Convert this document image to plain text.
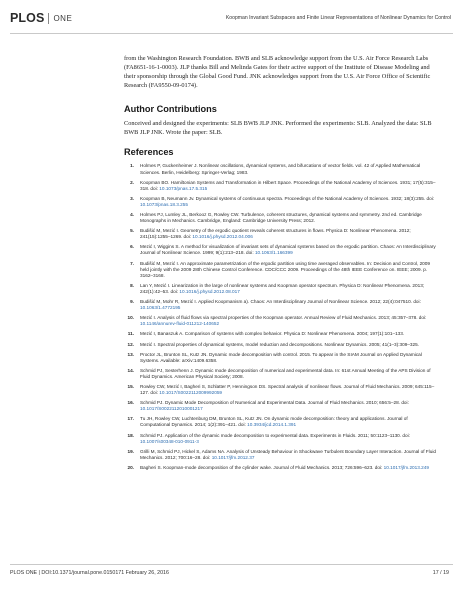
PLOS ONE	Koopman Invariant Subspaces and Finite Linear Representations of Nonlinear Dynamics for Control

from the Washington Research Foundation. BWB and SLB acknowledge support from the U.S. Air Force Research Labs (FA8651-16-1-0003). JLP thanks Bill and Melinda Gates for their active support of the Institute of Disease Modeling and their sponsorship through the Global Good Fund. JNK acknowledges support from the U.S. Air Force Office of Scientific Research (FA9550-09-0174).

Author Contributions

Conceived and designed the experiments: SLB BWB JLP JNK. Performed the experiments: SLB. Analyzed the data: SLB BWB JLP JNK. Wrote the paper: SLB.

References
1. Holmes P, Guckenheimer J. Nonlinear oscillations, dynamical systems, and bifurcations of vector fields. vol. 42 of Applied Mathematical Sciences. Berlin, Heidelberg: Springer-Verlag; 1983.
2. Koopman BO. Hamiltonian Systems and Transformation in Hilbert Space. Proceedings of the National Academy of Sciences. 1931; 17(5):315–318. doi: 10.1073/pnas.17.5.315
3. Koopman B, Neumann Jv. Dynamical systems of continuous spectra. Proceedings of the National Academy of Sciences. 1932; 18(3):255. doi: 10.1073/pnas.18.3.255
4. Holmes PJ, Lumley JL, Berkooz G, Rowley CW. Turbulence, coherent structures, dynamical systems and symmetry. 2nd ed. Cambridge Monographs in Mechanics. Cambridge, England: Cambridge University Press; 2012.
5. Budišić M, Mezić I. Geometry of the ergodic quotient reveals coherent structures in flows. Physica D: Nonlinear Phenomena. 2012; 241(15):1255–1269. doi: 10.1016/j.physd.2012.04.006
6. Mezić I, Wiggins S. A method for visualization of invariant sets of dynamical systems based on the ergodic partition. Chaos: An Interdisciplinary Journal of Nonlinear Science. 1999; 9(1):213–218. doi: 10.1063/1.166399
7. Budišić M, Mezić I. An approximate parametrization of the ergodic partition using time averaged observables. In: Decision and Control, 2009 held jointly with the 2009 28th Chinese Control Conference. CDC/CCC 2009. Proceedings of the 48th IEEE Conference on. IEEE; 2009. p. 3162–3168.
8. Lan Y, Mezić I. Linearization in the large of nonlinear systems and Koopman operator spectrum. Physica D: Nonlinear Phenomena. 2013; 242(1):42–53. doi: 10.1016/j.physd.2012.08.017
9. Budišić M, Mohr R, Mezić I. Applied Koopmanism a). Chaos: An Interdisciplinary Journal of Nonlinear Science. 2012; 22(4):047510. doi: 10.1063/1.4772195
10. Mezić I. Analysis of fluid flows via spectral properties of the Koopman operator. Annual Review of Fluid Mechanics. 2013; 45:357–378. doi: 10.1146/annurev-fluid-011212-140652
11. Mezić I, Banaszuk A. Comparison of systems with complex behavior. Physica D: Nonlinear Phenomena. 2004; 197(1):101–133.
12. Mezić I. Spectral properties of dynamical systems, model reduction and decompositions. Nonlinear Dynamics. 2005; 41(1–3):309–325.
13. Proctor JL, Brunton SL, Kutz JN. Dynamic mode decomposition with control. 2015. To appear in the SIAM Journal on Applied Dynamical Systems. Available: arXiv:1409.6358.
14. Schmid PJ, Sesterhenn J. Dynamic mode decomposition of numerical and experimental data. In: 61st Annual Meeting of the APS Division of Fluid Dynamics. American Physical Society; 2008.
15. Rowley CW, Mezić I, Bagheri S, Schlatter P, Henningson DS. Spectral analysis of nonlinear flows. Journal of Fluid Mechanics. 2009; 645:115–127. doi: 10.1017/S0022112009992059
16. Schmid PJ. Dynamic Mode Decomposition of Numerical and Experimental Data. Journal of Fluid Mechanics. 2010; 656:5–28. doi: 10.1017/S0022112010001217
17. Tu JH, Rowley CW, Luchtenburg DM, Brunton SL, Kutz JN. On dynamic mode decomposition: theory and applications. Journal of Computational Dynamics. 2014; 1(2):391–421. doi: 10.3934/jcd.2014.1.391
18. Schmid PJ. Application of the dynamic mode decomposition to experimental data. Experiments in Fluids. 2011; 50:1123–1130. doi: 10.1007/s00348-010-0911-3
19. Grilli M, Schmid PJ, Hickel S, Adams NA. Analysis of Unsteady Behaviour in Shockwave Turbulent Boundary Layer Interaction. Journal of Fluid Mechanics. 2012; 700:16–28. doi: 10.1017/jfm.2012.37
20. Bagheri S. Koopman-mode decomposition of the cylinder wake. Journal of Fluid Mechanics. 2013; 726:596–623. doi: 10.1017/jfm.2013.249
PLOS ONE | DOI:10.1371/journal.pone.0150171 February 26, 2016	17 / 19
